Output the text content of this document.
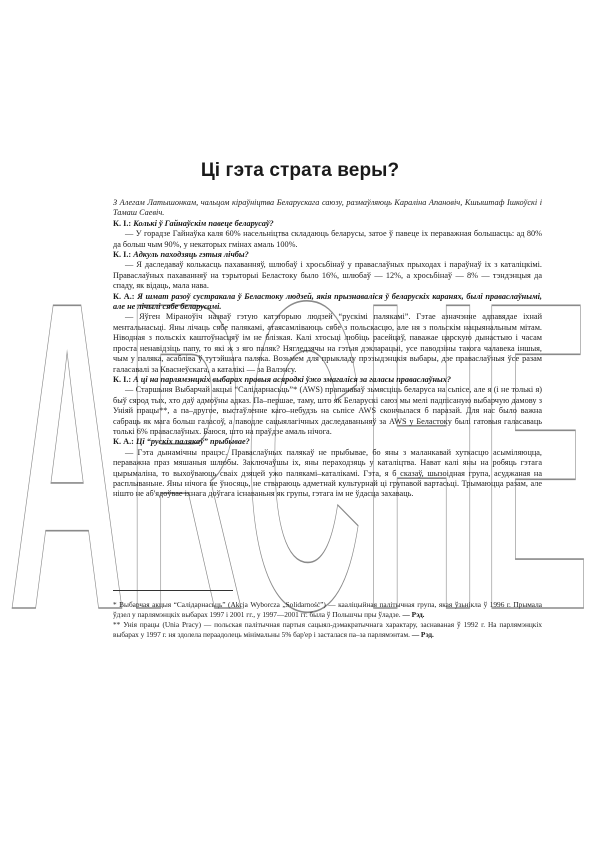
ARCHE
Ці гэта страта веры?

З Алегам Латышонкам, чальцом кіраўніцтва Беларускага саюзу, размаўляюць Караліна Апановіч, Кшыштаф Ішкоўскі і Тамаш Саевіч.

К. І.: Колькі ў Гайнаўскім павеце беларусаў?

— У горадзе Гайнаўка каля 60% насельніцтва складаюць беларусы, затое ў павеце іх пераважная большасць: ад 80% да больш чым 90%, у некаторых гмінах амаль 100%.

К. І.: Адкуль паходзяць гэтыя лічбы?

— Я даследаваў колькасць пахаванняў, шлюбаў і хросьбінаў у праваслаўных прыходах і параўнаў іх з каталіцкімі. Праваслаўных пахаванняў на тэрыторыі Беластоку было 16%, шлюбаў — 12%, а хросьбінаў — 8% — тэндэнцыя да спаду, як відаць, мала нава.

К. А.: Я шмат разоў сустракала ў Беластоку людзей, якія прызнаваліся ў беларускіх каранях, былі праваслаўнымі, але не лічылі сябе беларусамі.

— Яўген Міраноўіч назваў гэтую катэгорыю людзей “рускімі палякамі”. Гэтае азначэнне адпавядае іхнай ментальнасьці. Яны лічаць сябе палякамі, атаясамліваюць сябе з польскасцю, але ня з польскім нацыянальным мітам. Ніводная з польскіх каштоўнасцяў ім не блізкая. Калі хтосьці любіць расейцаў, паважае царскую дынастыю і часам проста ненавідзіць папу, то які ж з яго паляк? Нягледзячы на гэтыя дэкларацыі, усе паводзіны такога чалавека іншыя, чым у паляка, асабліва ў тутэйшага паляка. Возьмем для прыкладу прэзыдэнцкія выбары, дзе праваслаўныя ўсе разам галасавалі за Кваснеўскага, а каталікі — за Валэнсу.

К. І.: А ці на парлямэнцкіх выбарах правыя асяродкі ўжо змагаліся за галасы праваслаўных?

— Старшыня Выбарчай акцыі “Салідарнасьць”* (AWS) прапанаваў зьмясціць беларуса на сьпісе, але я (і не толькі я) быў сярод тых, хто даў адмоўны адказ. Па–першае, таму, што як Беларускі саюз мы мелі падпісаную выбарчую дамову з Уніяй працы**, а па–другое, выстаўленне каго–небудзь на сьпісе AWS скончылася б паразай. Для нас было важна сабраць як мага больш галасоў, а паводле сацыялагічных даследаваньняў за AWS у Беластоку былі гатовыя галасаваць толькі 6% праваслаўных. Баюся, што на праўдзе амаль нічога.

К. А.: Ці “рускіх палякаў” прыбывае?

— Гэта дынамічны працэс. Праваслаўных палякаў не прыбывае, бо яны з маланкавай хуткасцю асыміляюцца, пераважна праз мяшаныя шлюбы. Заключаўшы іх, яны пераходзяць у каталіцтва. Нават калі яны на робяць гэтага цырымаліна, то выхоўваюць сваіх дзяцей ужо палякамі–каталікамі. Гэта, я б сказаў, шызоідная група, асуджаная на расплываньне. Яны нічога не ўносяць, не ствараюць адметнай культурнай ці групавой вартасьці. Трымаюцца разам, але нішто не аб'ядоўвае іхнага доўгага існаваньня як групы, гэтага ім не ўдасца захаваць.

* Выбарчая акцыя “Салідарнасьць” (Akcja Wyborcza „Solidarność”) — кааліцыйная палітычная група, якая ўзьнікла ў 1996 г. Прымала ўдзел у парлямэнцкіх выбарах 1997 і 2001 гг., у 1997—2001 гг. была ў Польшчы пры ўладзе. — Рэд.

** Унія працы (Unia Pracy) — польская палітычная партыя сацыял-дэмакратычнага характару, заснаваная ў 1992 г. На парлямэнцкіх выбарах у 1997 г. ня здолела пераадолець мінімальны 5% бар'ер і засталася па–за парлямэнтам. — Рэд.
